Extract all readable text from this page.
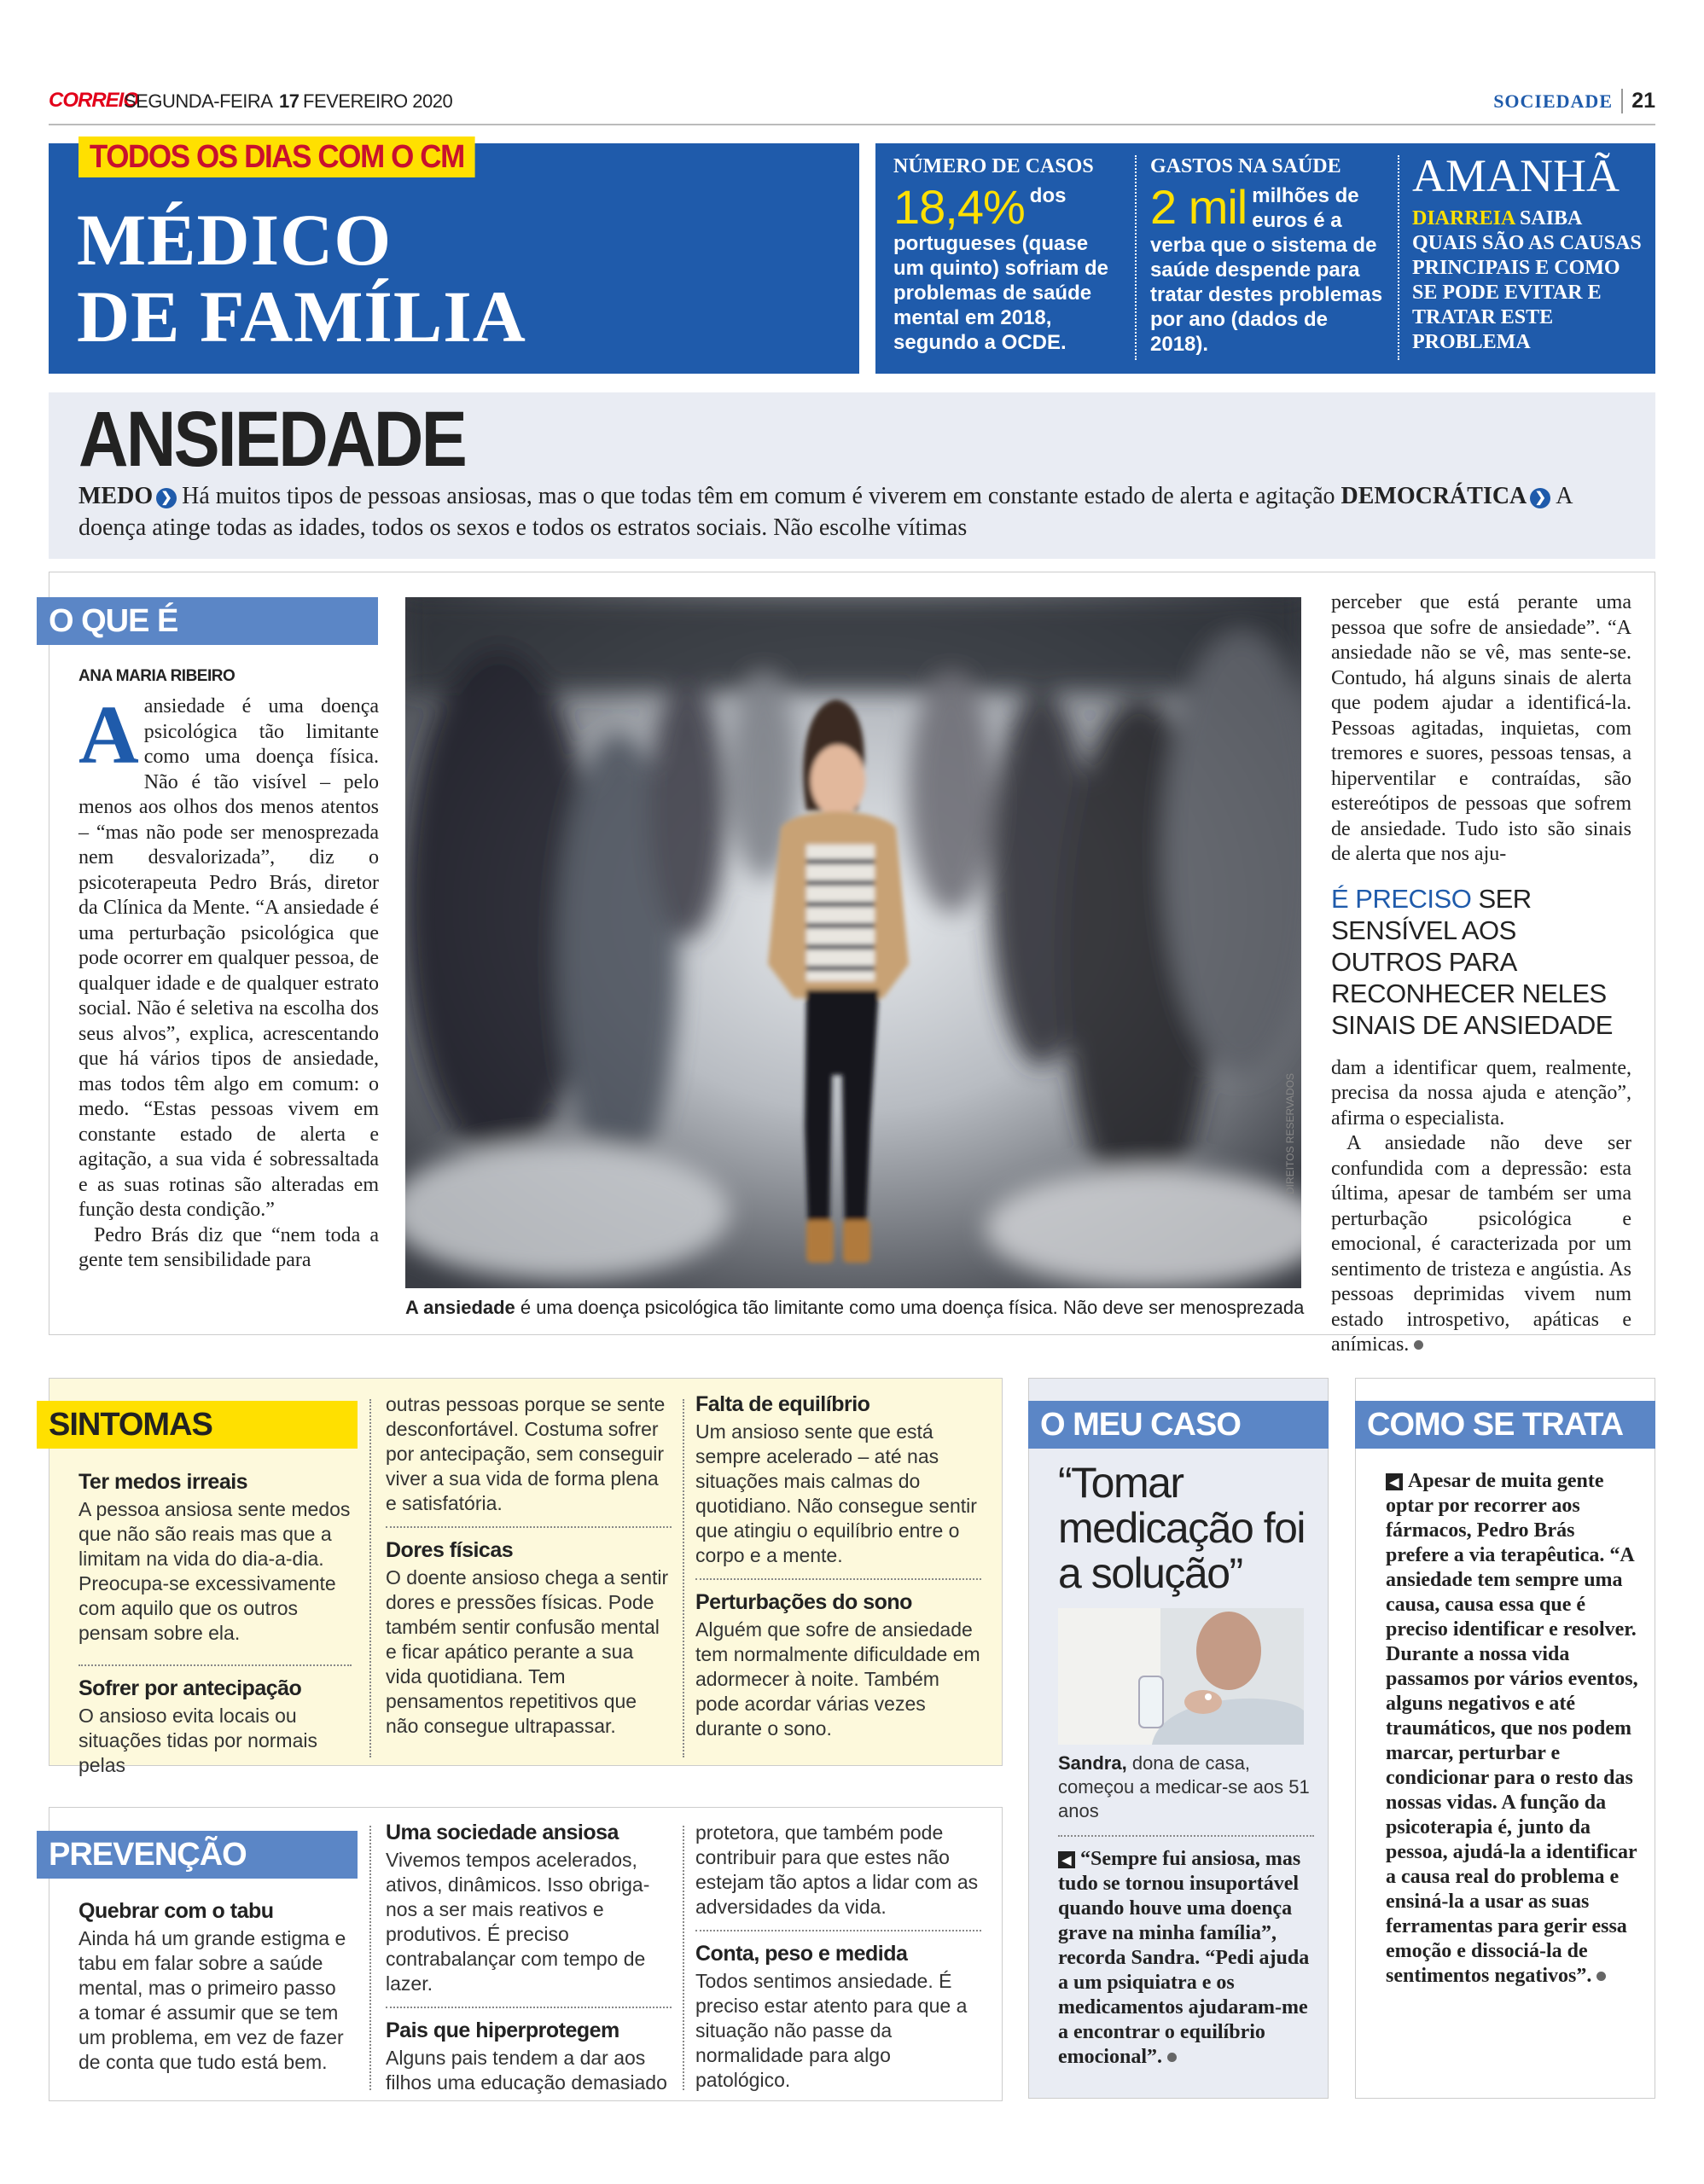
CORREIO
SEGUNDA-FEIRA 17 FEVEREIRO 2020	SOCIEDADE 21
TODOS OS DIAS COM O CM
MÉDICO
DE FAMÍLIA
NÚMERO DE CASOS
18,4% dos portugueses (quase um quinto) sofriam de problemas de saúde mental em 2018, segundo a OCDE.
GASTOS NA SAÚDE
2 mil milhões de euros é a verba que o sistema de saúde despende para tratar destes problemas por ano (dados de 2018).
AMANHÃ
DIARREIA SAIBA QUAIS SÃO AS CAUSAS PRINCIPAIS E COMO SE PODE EVITAR E TRATAR ESTE PROBLEMA
ANSIEDADE
MEDO ❯ Há muitos tipos de pessoas ansiosas, mas o que todas têm em comum é viverem em constante estado de alerta e agitação DEMOCRÁTICA ❯ A doença atinge todas as idades, todos os sexos e todos os estratos sociais. Não escolhe vítimas
O QUE É
ANA MARIA RIBEIRO
A ansiedade é uma doença psicológica tão limitante como uma doença física. Não é tão visível – pelo menos aos olhos dos menos atentos – “mas não pode ser menosprezada nem desvalorizada”, diz o psicoterapeuta Pedro Brás, diretor da Clínica da Mente. “A ansiedade é uma perturbação psicológica que pode ocorrer em qualquer pessoa, de qualquer idade e de qualquer estrato social. Não é seletiva na escolha dos seus alvos”, explica, acrescentando que há vários tipos de ansiedade, mas todos têm algo em comum: o medo. “Estas pessoas vivem em constante estado de alerta e agitação, a sua vida é sobressaltada e as suas rotinas são alteradas em função desta condição.”

Pedro Brás diz que “nem toda a gente tem sensibilidade para

DIREITOS RESERVADOS
A ansiedade é uma doença psicológica tão limitante como uma doença física. Não deve ser menosprezada

perceber que está perante uma pessoa que sofre de ansiedade”. “A ansiedade não se vê, mas sente-se. Contudo, há alguns sinais de alerta que podem ajudar a identificá-la. Pessoas agitadas, inquietas, com tremores e suores, pessoas tensas, a hiperventilar e contraídas, são estereótipos de pessoas que sofrem de ansiedade. Tudo isto são sinais de alerta que nos aju-

É PRECISO SER SENSÍVEL AOS OUTROS PARA RECONHECER NELES SINAIS DE ANSIEDADE

dam a identificar quem, realmente, precisa da nossa ajuda e atenção”, afirma o especialista.

A ansiedade não deve ser confundida com a depressão: esta última, apesar de também ser uma perturbação psicológica e emocional, é caracterizada por um sentimento de tristeza e angústia. As pessoas deprimidas vivem num estado introspetivo, apáticas e anímicas.

SINTOMAS
Ter medos irreais
A pessoa ansiosa sente medos que não são reais mas que a limitam na vida do dia-a-dia. Preocupa-se excessivamente com aquilo que os outros pensam sobre ela.
Sofrer por antecipação
O ansioso evita locais ou situações tidas por normais pelas
outras pessoas porque se sente desconfortável. Costuma sofrer por antecipação, sem conseguir viver a sua vida de forma plena e satisfatória.
Dores físicas
O doente ansioso chega a sentir dores e pressões físicas. Pode também sentir confusão mental e ficar apático perante a sua vida quotidiana. Tem pensamentos repetitivos que não consegue ultrapassar.
Falta de equilíbrio
Um ansioso sente que está sempre acelerado – até nas situações mais calmas do quotidiano. Não consegue sentir que atingiu o equilíbrio entre o corpo e a mente.
Perturbações do sono
Alguém que sofre de ansiedade tem normalmente dificuldade em adormecer à noite. Também pode acordar várias vezes durante o sono.
PREVENÇÃO
Quebrar com o tabu
Ainda há um grande estigma e tabu em falar sobre a saúde mental, mas o primeiro passo a tomar é assumir que se tem um problema, em vez de fazer de conta que tudo está bem.
Uma sociedade ansiosa
Vivemos tempos acelerados, ativos, dinâmicos. Isso obriga-nos a ser mais reativos e produtivos. É preciso contrabalançar com tempo de lazer.
Pais que hiperprotegem
Alguns pais tendem a dar aos filhos uma educação demasiado
protetora, que também pode contribuir para que estes não estejam tão aptos a lidar com as adversidades da vida.
Conta, peso e medida
Todos sentimos ansiedade. É preciso estar atento para que a situação não passe da normalidade para algo patológico.
O MEU CASO
“Tomar medicação foi a solução”
Sandra, dona de casa, começou a medicar-se aos 51 anos
◀ “Sempre fui ansiosa, mas tudo se tornou insuportável quando houve uma doença grave na minha família”, recorda Sandra. “Pedi ajuda a um psiquiatra e os medicamentos ajudaram-me a encontrar o equilíbrio emocional”.
COMO SE TRATA
◀ Apesar de muita gente optar por recorrer aos fármacos, Pedro Brás prefere a via terapêutica. “A ansiedade tem sempre uma causa, causa essa que é preciso identificar e resolver. Durante a nossa vida passamos por vários eventos, alguns negativos e até traumáticos, que nos podem marcar, perturbar e condicionar para o resto das nossas vidas. A função da psicoterapia é, junto da pessoa, ajudá-la a identificar a causa real do problema e ensiná-la a usar as suas ferramentas para gerir essa emoção e dissociá-la de sentimentos negativos”.
